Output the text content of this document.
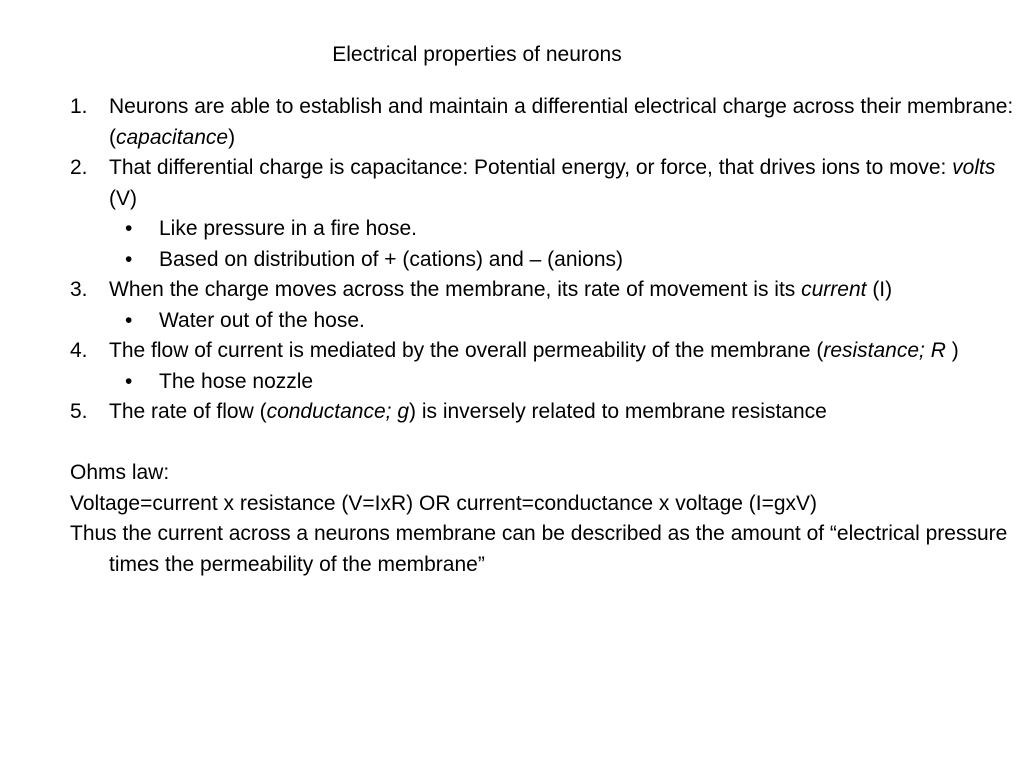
Electrical properties of neurons
1. Neurons are able to establish and maintain a differential electrical charge across their membrane: (capacitance)
2. That differential charge is capacitance: Potential energy, or force, that drives ions to move: volts (V)
• Like pressure in a fire hose.
• Based on distribution of + (cations) and – (anions)
3. When the charge moves across the membrane, its rate of movement is its current (I)
• Water out of the hose.
4. The flow of current is mediated by the overall permeability of the membrane (resistance; R )
• The hose nozzle
5. The rate of flow (conductance; g) is inversely related to membrane resistance
Ohms law:
Voltage=current x resistance (V=IxR) OR current=conductance x voltage (I=gxV)
Thus the current across a neurons membrane can be described as the amount of “electrical pressure times the permeability of the membrane”
